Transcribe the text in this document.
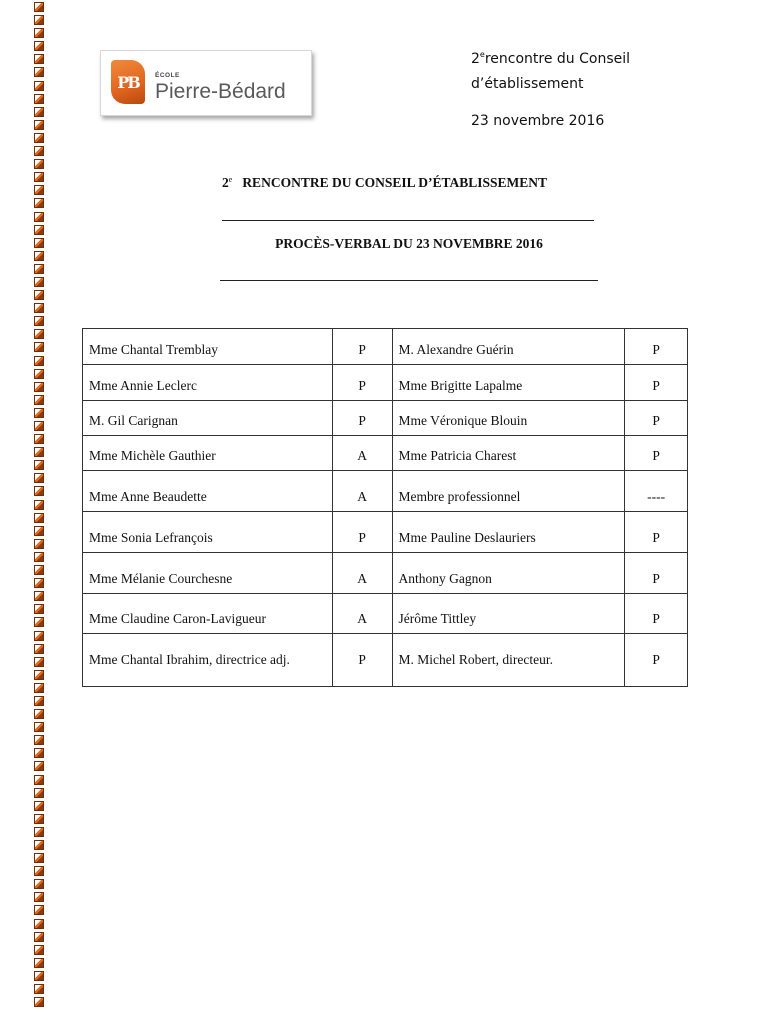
PB	ÉCOLE
Pierre-Bédard
2erencontre du Conseil
d’établissement
23 novembre 2016
2e RENCONTRE DU CONSEIL D’ÉTABLISSEMENT
PROCÈS-VERBAL DU 23 NOVEMBRE 2016
Mme Chantal Tremblay	P	M. Alexandre Guérin	P
Mme Annie Leclerc	P	Mme Brigitte Lapalme	P
M. Gil Carignan	P	Mme Véronique Blouin	P
Mme Michèle Gauthier	A	Mme Patricia Charest	P
Mme Anne Beaudette	A	Membre professionnel	----
Mme Sonia Lefrançois	P	Mme Pauline Deslauriers	P
Mme Mélanie Courchesne	A	Anthony Gagnon	P
Mme Claudine Caron-Lavigueur	A	Jérôme Tittley	P
Mme Chantal Ibrahim, directrice adj.	P	M. Michel Robert, directeur.	P
